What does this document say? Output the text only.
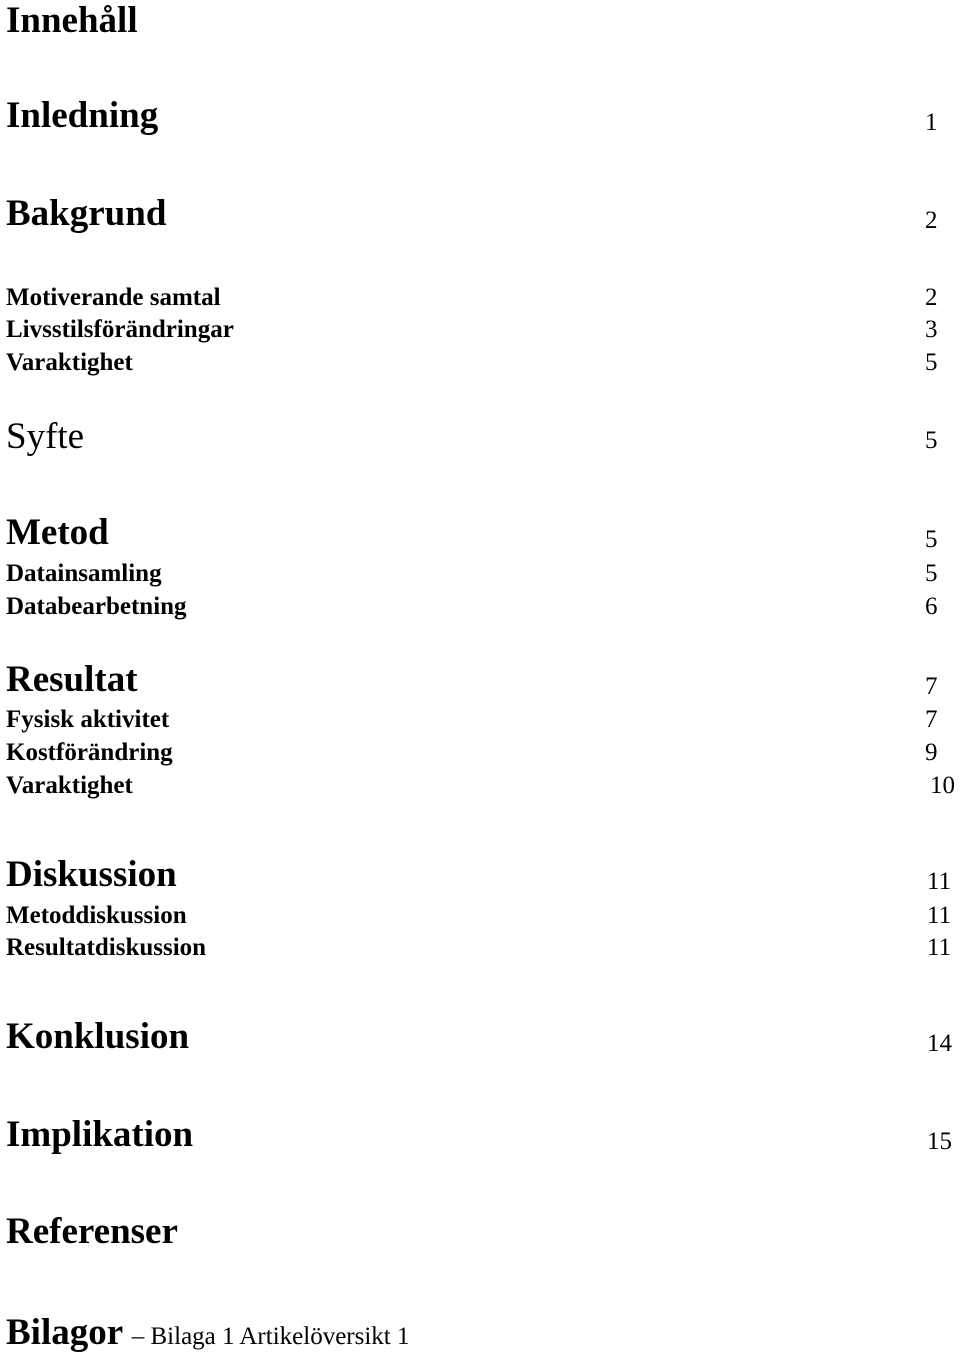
Innehåll
Inledning	1
Bakgrund	2
Motiverande samtal	2
Livsstilsförändringar	3
Varaktighet	5
Syfte	5
Metod	5
Datainsamling	5
Databearbetning	6
Resultat	7
Fysisk aktivitet	7
Kostförändring	9
Varaktighet	10
Diskussion	11
Metoddiskussion	11
Resultatdiskussion	11
Konklusion	14
Implikation	15
Referenser
Bilagor – Bilaga 1 Artikelöversikt 1
